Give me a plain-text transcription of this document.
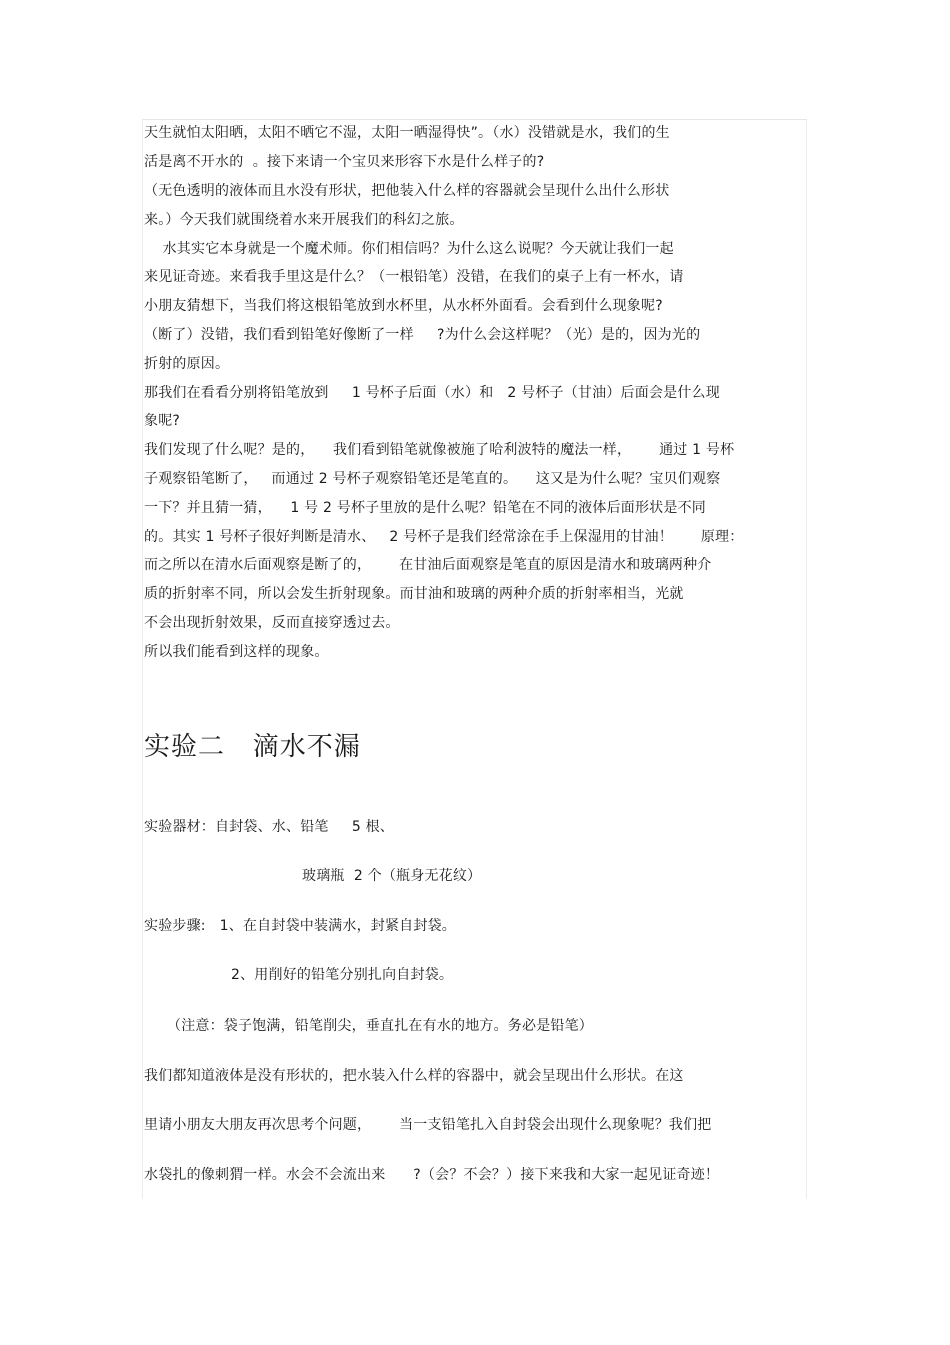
天生就怕太阳晒，太阳不晒它不湿，太阳一晒湿得快”。（水）没错就是水，我们的生
活是离不开水的  。接下来请一个宝贝来形容下水是什么样子的?
（无色透明的液体而且水没有形状，把他装入什么样的容器就会呈现什么出什么形状
来。）今天我们就围绕着水来开展我们的科幻之旅。
水其实它本身就是一个魔术师。你们相信吗？为什么这么说呢？今天就让我们一起
来见证奇迹。来看我手里这是什么？（一根铅笔）没错，在我们的桌子上有一杯水，请
小朋友猜想下，当我们将这根铅笔放到水杯里，从水杯外面看。会看到什么现象呢?
（断了）没错，我们看到铅笔好像断了一样     ?为什么会这样呢？（光）是的，因为光的
折射的原因。
那我们在看看分别将铅笔放到     1 号杯子后面（水）和   2 号杯子（甘油）后面会是什么现
象呢?
我们发现了什么呢？是的，    我们看到铅笔就像被施了哈利波特的魔法一样，      通过 1 号杯
子观察铅笔断了，   而通过 2 号杯子观察铅笔还是笔直的。    这又是为什么呢？宝贝们观察
一下？并且猜一猜，    1 号 2 号杯子里放的是什么呢？铅笔在不同的液体后面形状是不同
的。其实 1 号杯子很好判断是清水、   2 号杯子是我们经常涂在手上保湿用的甘油！      原理：
而之所以在清水后面观察是断了的，      在甘油后面观察是笔直的原因是清水和玻璃两种介
质的折射率不同，所以会发生折射现象。而甘油和玻璃的两种介质的折射率相当，光就
不会出现折射效果，反而直接穿透过去。
所以我们能看到这样的现象。
实验二   滴水不漏
实验器材：自封袋、水、铅笔     5 根、
玻璃瓶  2 个（瓶身无花纹）
实验步骤:   1、在自封袋中装满水，封紧自封袋。
2、用削好的铅笔分别扎向自封袋。
（注意：袋子饱满，铅笔削尖，垂直扎在有水的地方。务必是铅笔）
我们都知道液体是没有形状的，把水装入什么样的容器中，就会呈现出什么形状。在这
里请小朋友大朋友再次思考个问题，      当一支铅笔扎入自封袋会出现什么现象呢？我们把
水袋扎的像刺猬一样。水会不会流出来      ?（会？不会？）接下来我和大家一起见证奇迹！
